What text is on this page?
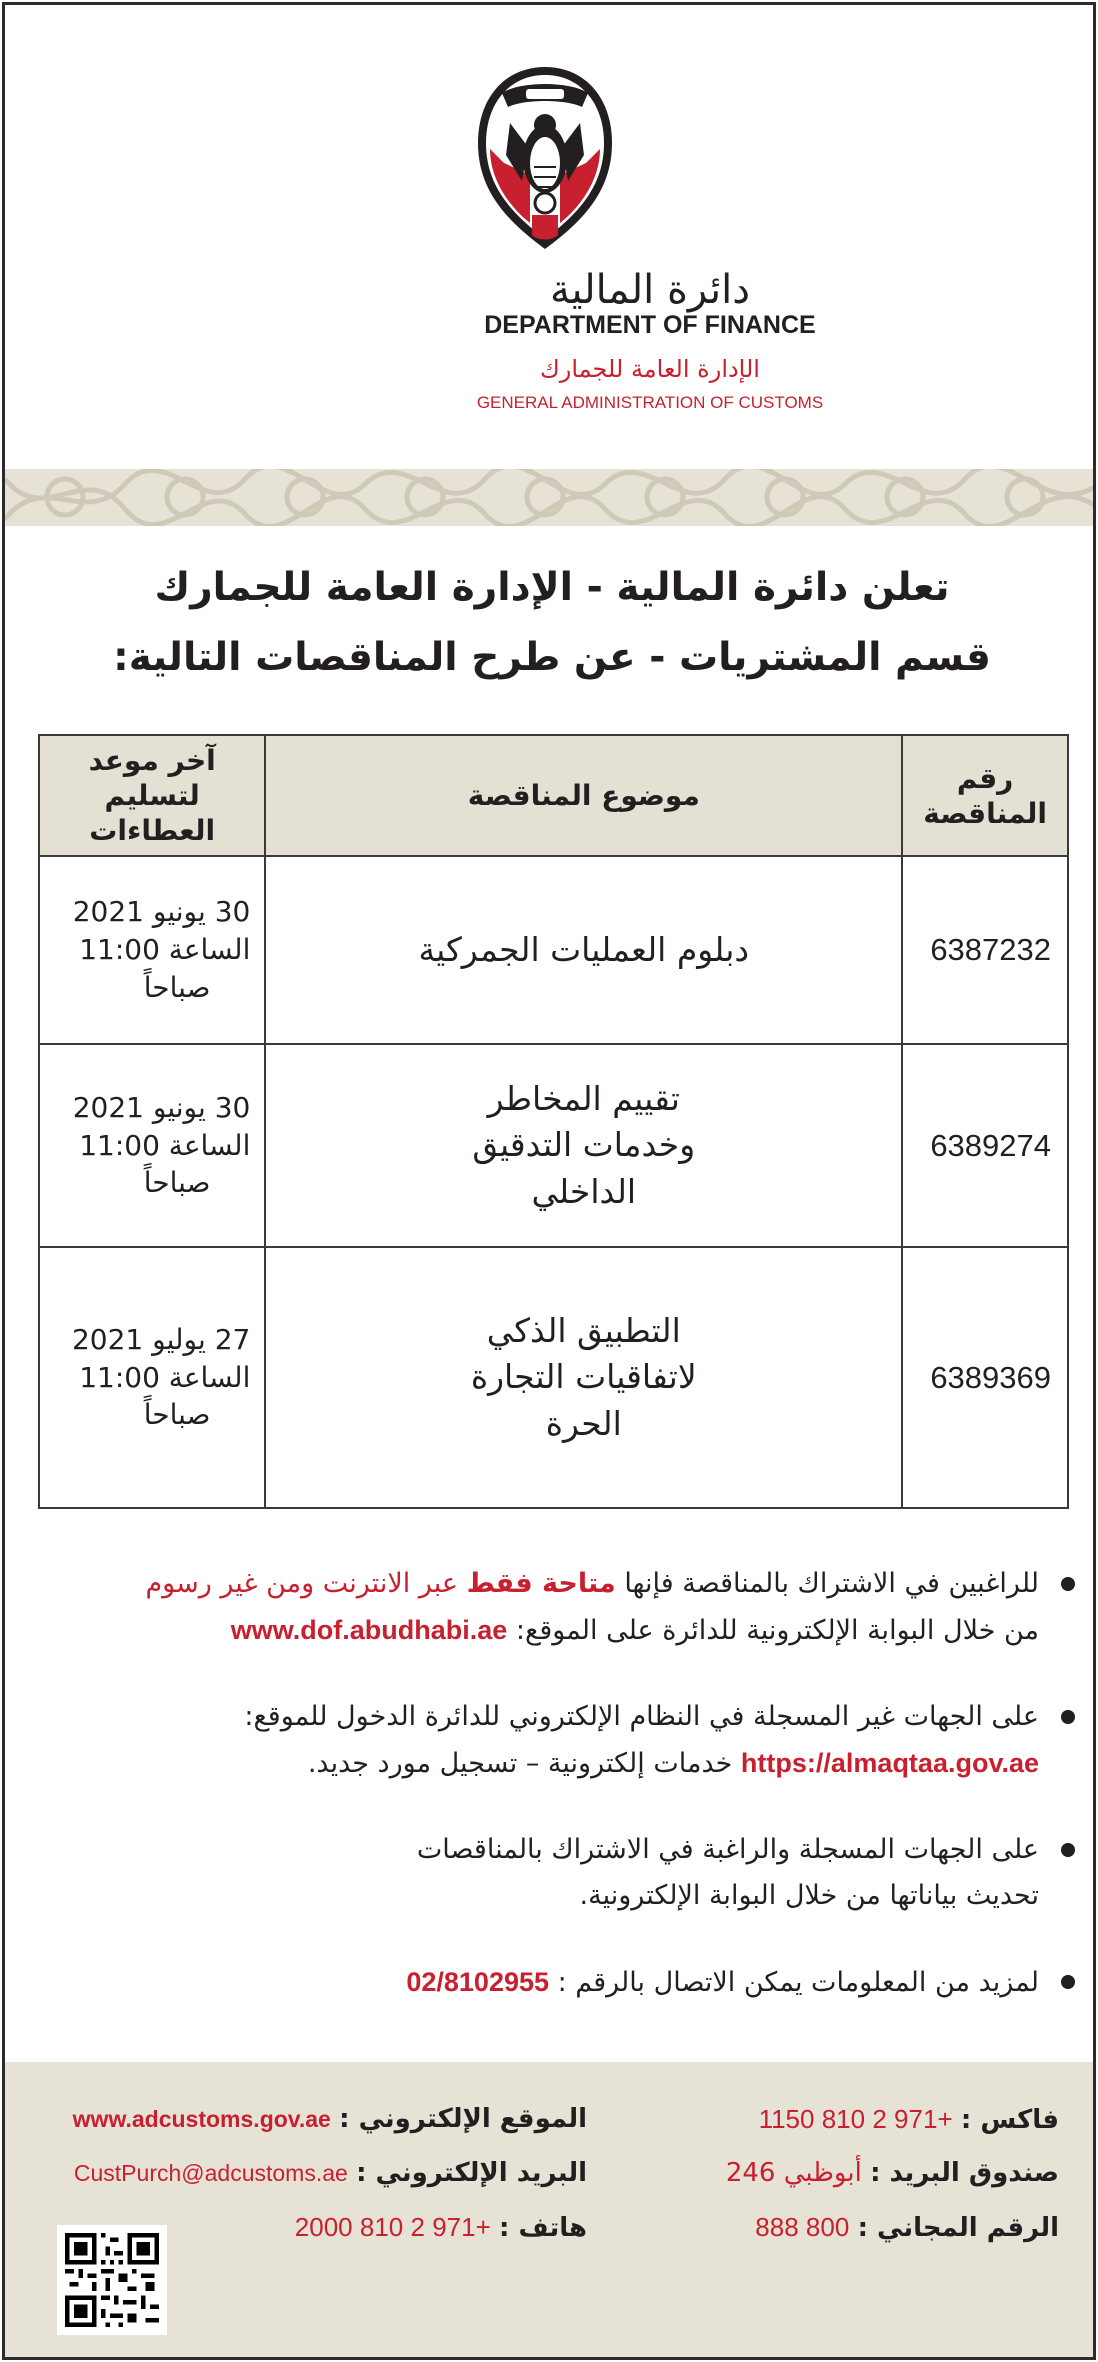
دائرة المالية
DEPARTMENT OF FINANCE
الإدارة العامة للجمارك
GENERAL ADMINISTRATION OF CUSTOMS
تعلن دائرة المالية - الإدارة العامة للجمارك
قسم المشتريات - عن طرح المناقصات التالية:
رقم المناقصة	موضوع المناقصة	آخر موعد لتسليم العطاءات
6387232	دبلوم العمليات الجمركية	30 يونيو 2021
الساعة 11:00
صباحاً

6389274	تقييم المخاطر وخدمات التدقيق الداخلي	30 يونيو 2021
الساعة 11:00
صباحاً

6389369	التطبيق الذكي لاتفاقيات التجارة الحرة	27 يوليو 2021
الساعة 11:00
صباحاً
للراغبين في الاشتراك بالمناقصة فإنها متاحة فقط عبر الانترنت ومن غير رسوم
من خلال البوابة الإلكترونية للدائرة على الموقع: www.dof.abudhabi.ae
على الجهات غير المسجلة في النظام الإلكتروني للدائرة الدخول للموقع:
https://almaqtaa.gov.ae خدمات إلكترونية – تسجيل مورد جديد.
على الجهات المسجلة والراغبة في الاشتراك بالمناقصات
تحديث بياناتها من خلال البوابة الإلكترونية.
لمزيد من المعلومات يمكن الاتصال بالرقم : 02/8102955
فاكس : +971 2 810 1150
صندوق البريد : أبوظبي 246
الرقم المجاني : 800 888
الموقع الإلكتروني : www.adcustoms.gov.ae
البريد الإلكتروني : CustPurch@adcustoms.ae
هاتف : +971 2 810 2000
